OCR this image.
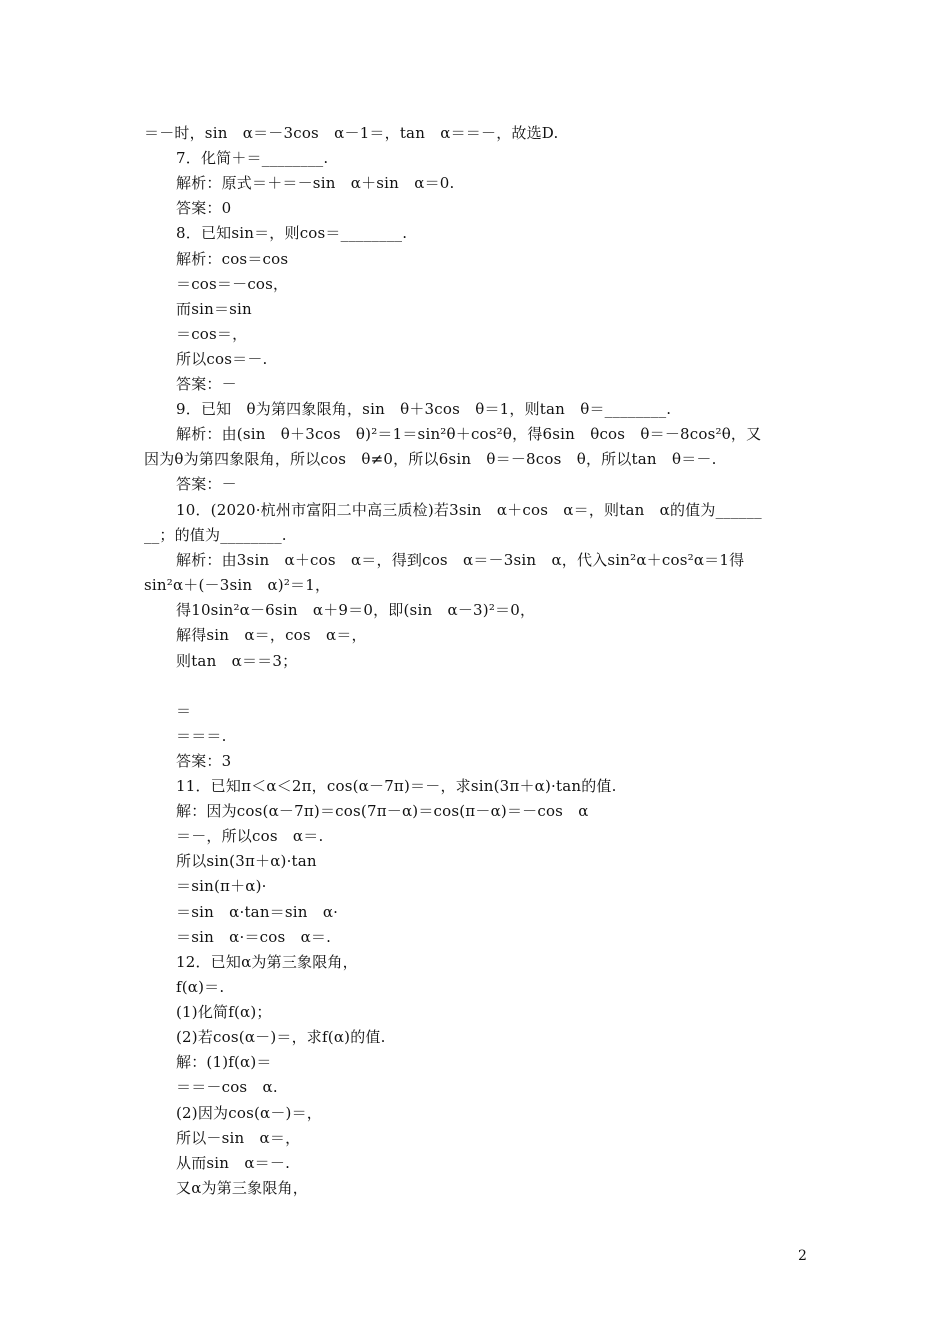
＝－时，sin　α＝－3cos　α－1＝，tan　α＝＝－，故选D.
7．化简＋＝________.
解析：原式＝＋＝－sin　α＋sin　α＝0.
答案：0
8．已知sin＝，则cos＝________.
解析：cos＝cos
＝cos＝－cos，
而sin＝sin
＝cos＝，
所以cos＝－.
答案：－
9．已知　θ为第四象限角，sin　θ＋3cos　θ＝1，则tan　θ＝________.
解析：由(sin　θ＋3cos　θ)²＝1＝sin²θ＋cos²θ，得6sin　θcos　θ＝－8cos²θ，又
因为θ为第四象限角，所以cos　θ≠0，所以6sin　θ＝－8cos　θ，所以tan　θ＝－.
答案：－
10．(2020·杭州市富阳二中高三质检)若3sin　α＋cos　α＝，则tan　α的值为______
__；的值为________.
解析：由3sin　α＋cos　α＝，得到cos　α＝－3sin　α，代入sin²α＋cos²α＝1得
sin²α＋(－3sin　α)²＝1，
得10sin²α－6sin　α＋9＝0，即(sin　α－3)²＝0，
解得sin　α＝，cos　α＝，
则tan　α＝＝3；
＝
＝＝＝.
答案：3
11．已知π＜α＜2π，cos(α－7π)＝－，求sin(3π＋α)·tan的值.
解：因为cos(α－7π)＝cos(7π－α)＝cos(π－α)＝－cos　α
＝－，所以cos　α＝.
所以sin(3π＋α)·tan
＝sin(π＋α)·
＝sin　α·tan＝sin　α·
＝sin　α·＝cos　α＝.
12．已知α为第三象限角，
f(α)＝.
(1)化简f(α)；
(2)若cos(α－)＝，求f(α)的值.
解：(1)f(α)＝
＝＝－cos　α.
(2)因为cos(α－)＝，
所以－sin　α＝，
从而sin　α＝－.
又α为第三象限角，
2
